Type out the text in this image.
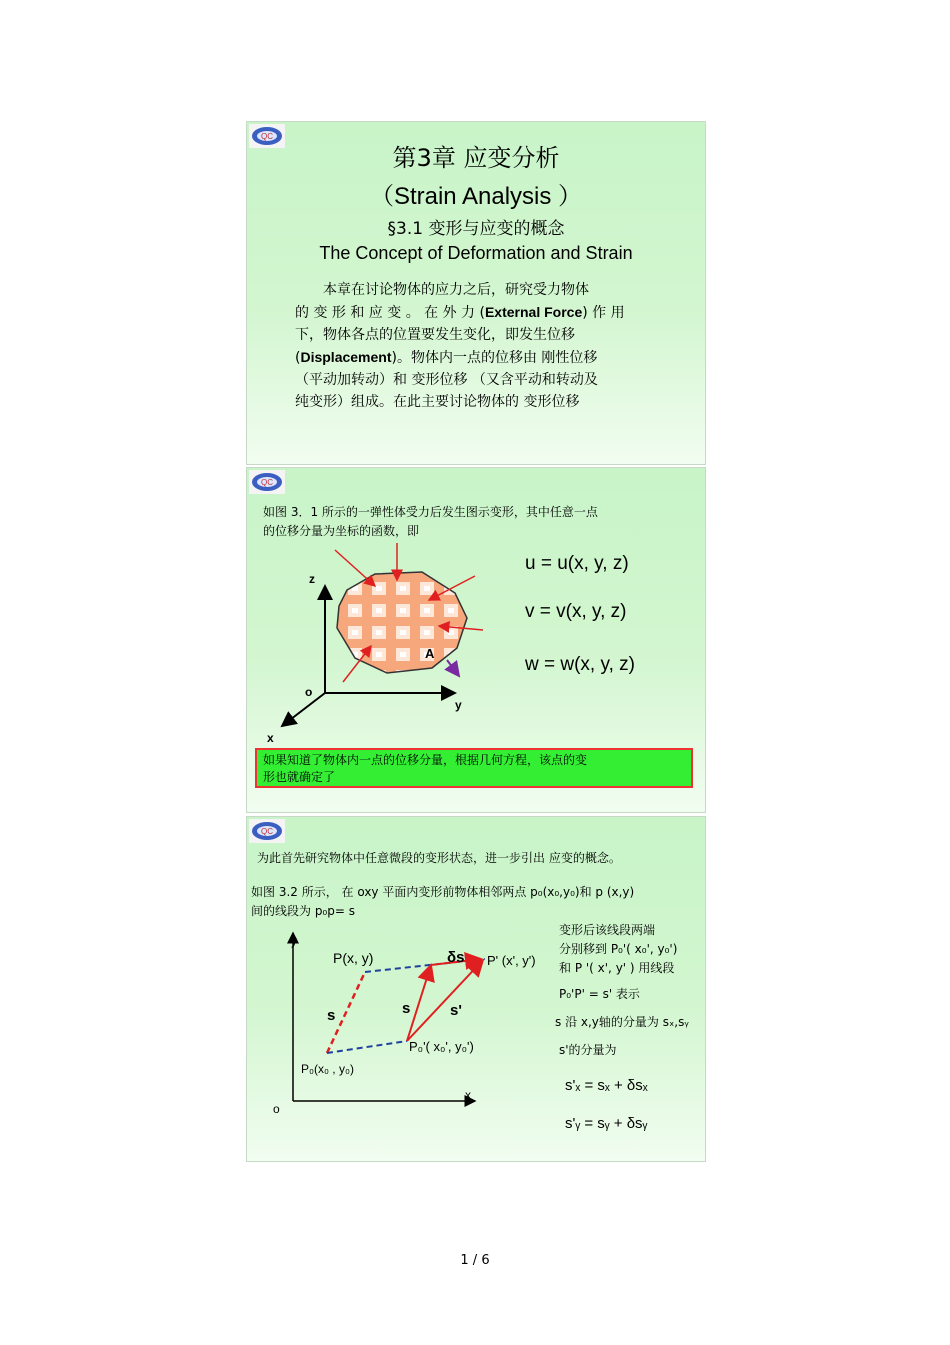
QC
第3章 应变分析
（Strain Analysis ）
§3.1 变形与应变的概念
The Concept of Deformation and Strain
本章在讨论物体的应力之后，研究受力物体
的 变 形 和 应 变 。 在 外 力 (External Force) 作 用
下，物体各点的位置要发生变化，即发生位移
(Displacement)。物体内一点的位移由 刚性位移
（平动加转动）和 变形位移 （又含平动和转动及
纯变形）组成。在此主要讨论物体的 变形位移
QC
如图 3．1 所示的一弹性体受力后发生图示变形，其中任意一点
的位移分量为坐标的函数，即
z
y
x
o
A
u = u(x, y, z)
v = v(x, y, z)
w = w(x, y, z)
如果知道了物体内一点的位移分量，根据几何方程，该点的变
形也就确定了
QC
为此首先研究物体中任意微段的变形状态，进一步引出 应变的概念。
如图 3.2 所示， 在 oxy 平面内变形前物体相邻两点 p₀(x₀,y₀)和 p (x,y)
间的线段为 p₀p= s
y
x
o
P(x, y)
P₀(x₀ , y₀)
P' (x', y')
P₀'( x₀', y₀')
δs
s	s	s'
变形后该线段两端
分别移到 P₀'( x₀', y₀')
和 P '( x', y' ) 用线段
P₀'P' = s' 表示
s 沿 x,y轴的分量为 sₓ,sᵧ
s'的分量为
s'ₓ = sₓ + δsₓ
s'ᵧ = sᵧ + δsᵧ
1 / 6
